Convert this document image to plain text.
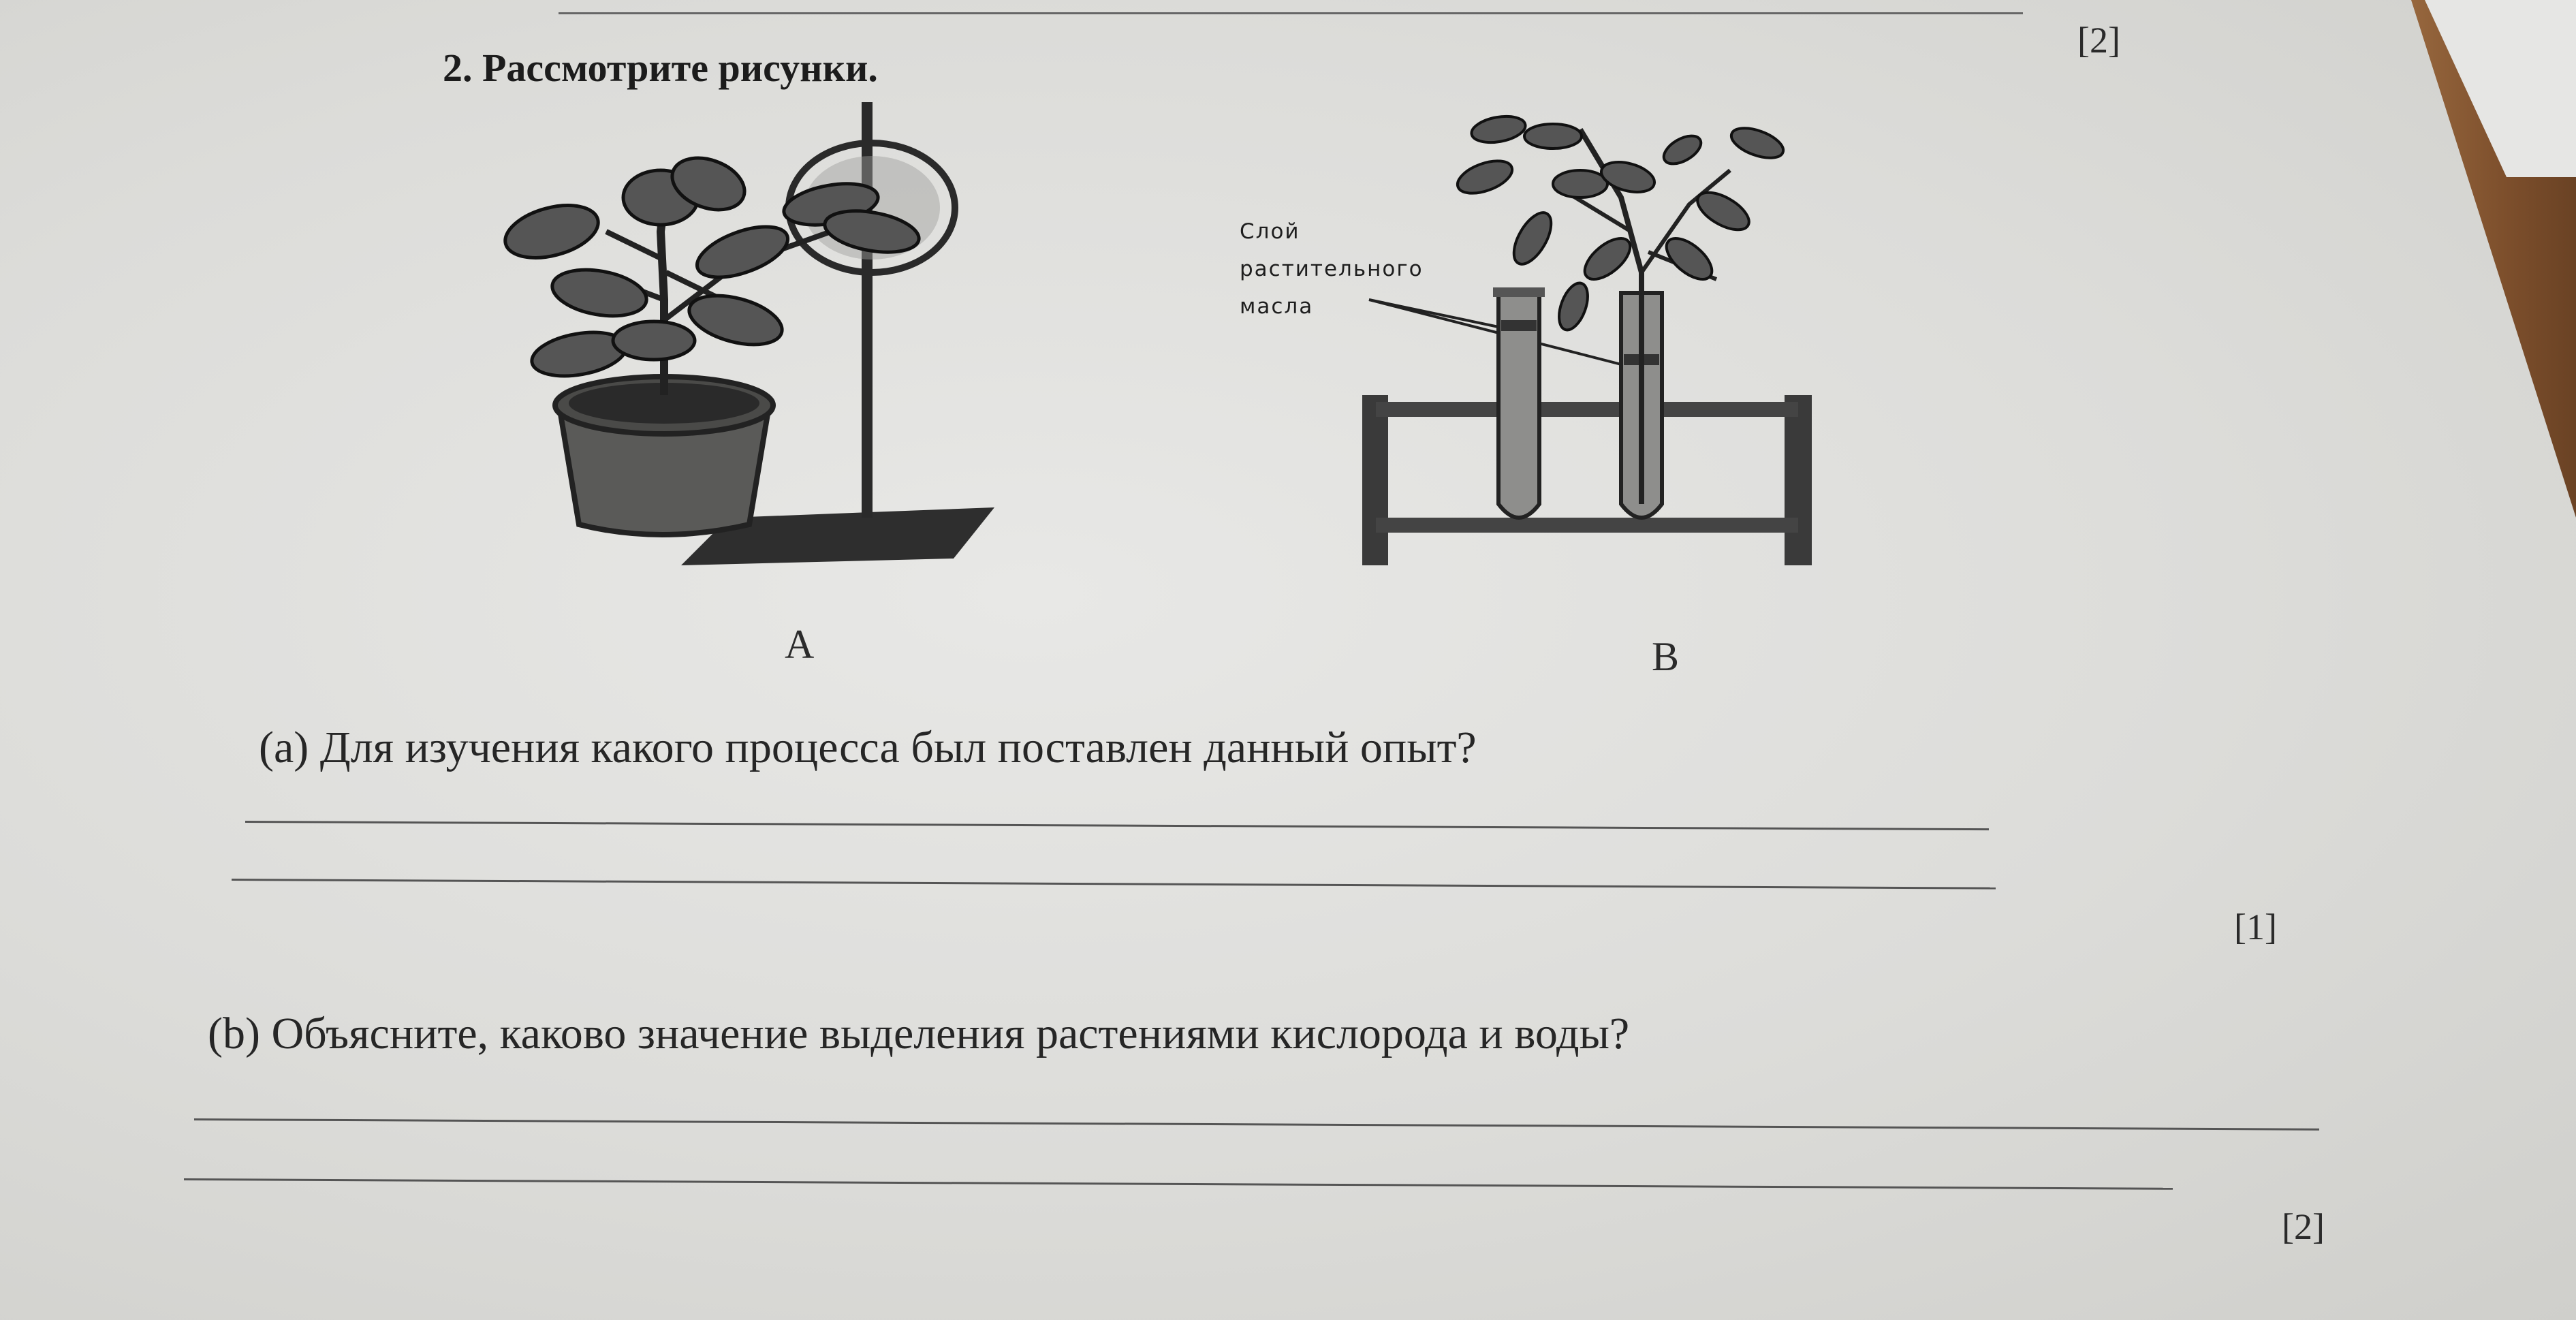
2. Рассмотрите рисунки.
[2]
Слой
растительного
масла
A	B
(a) Для изучения какого процесса был поставлен данный опыт?
[1]
(b) Объясните, каково значение выделения растениями кислорода и воды?
[2]
